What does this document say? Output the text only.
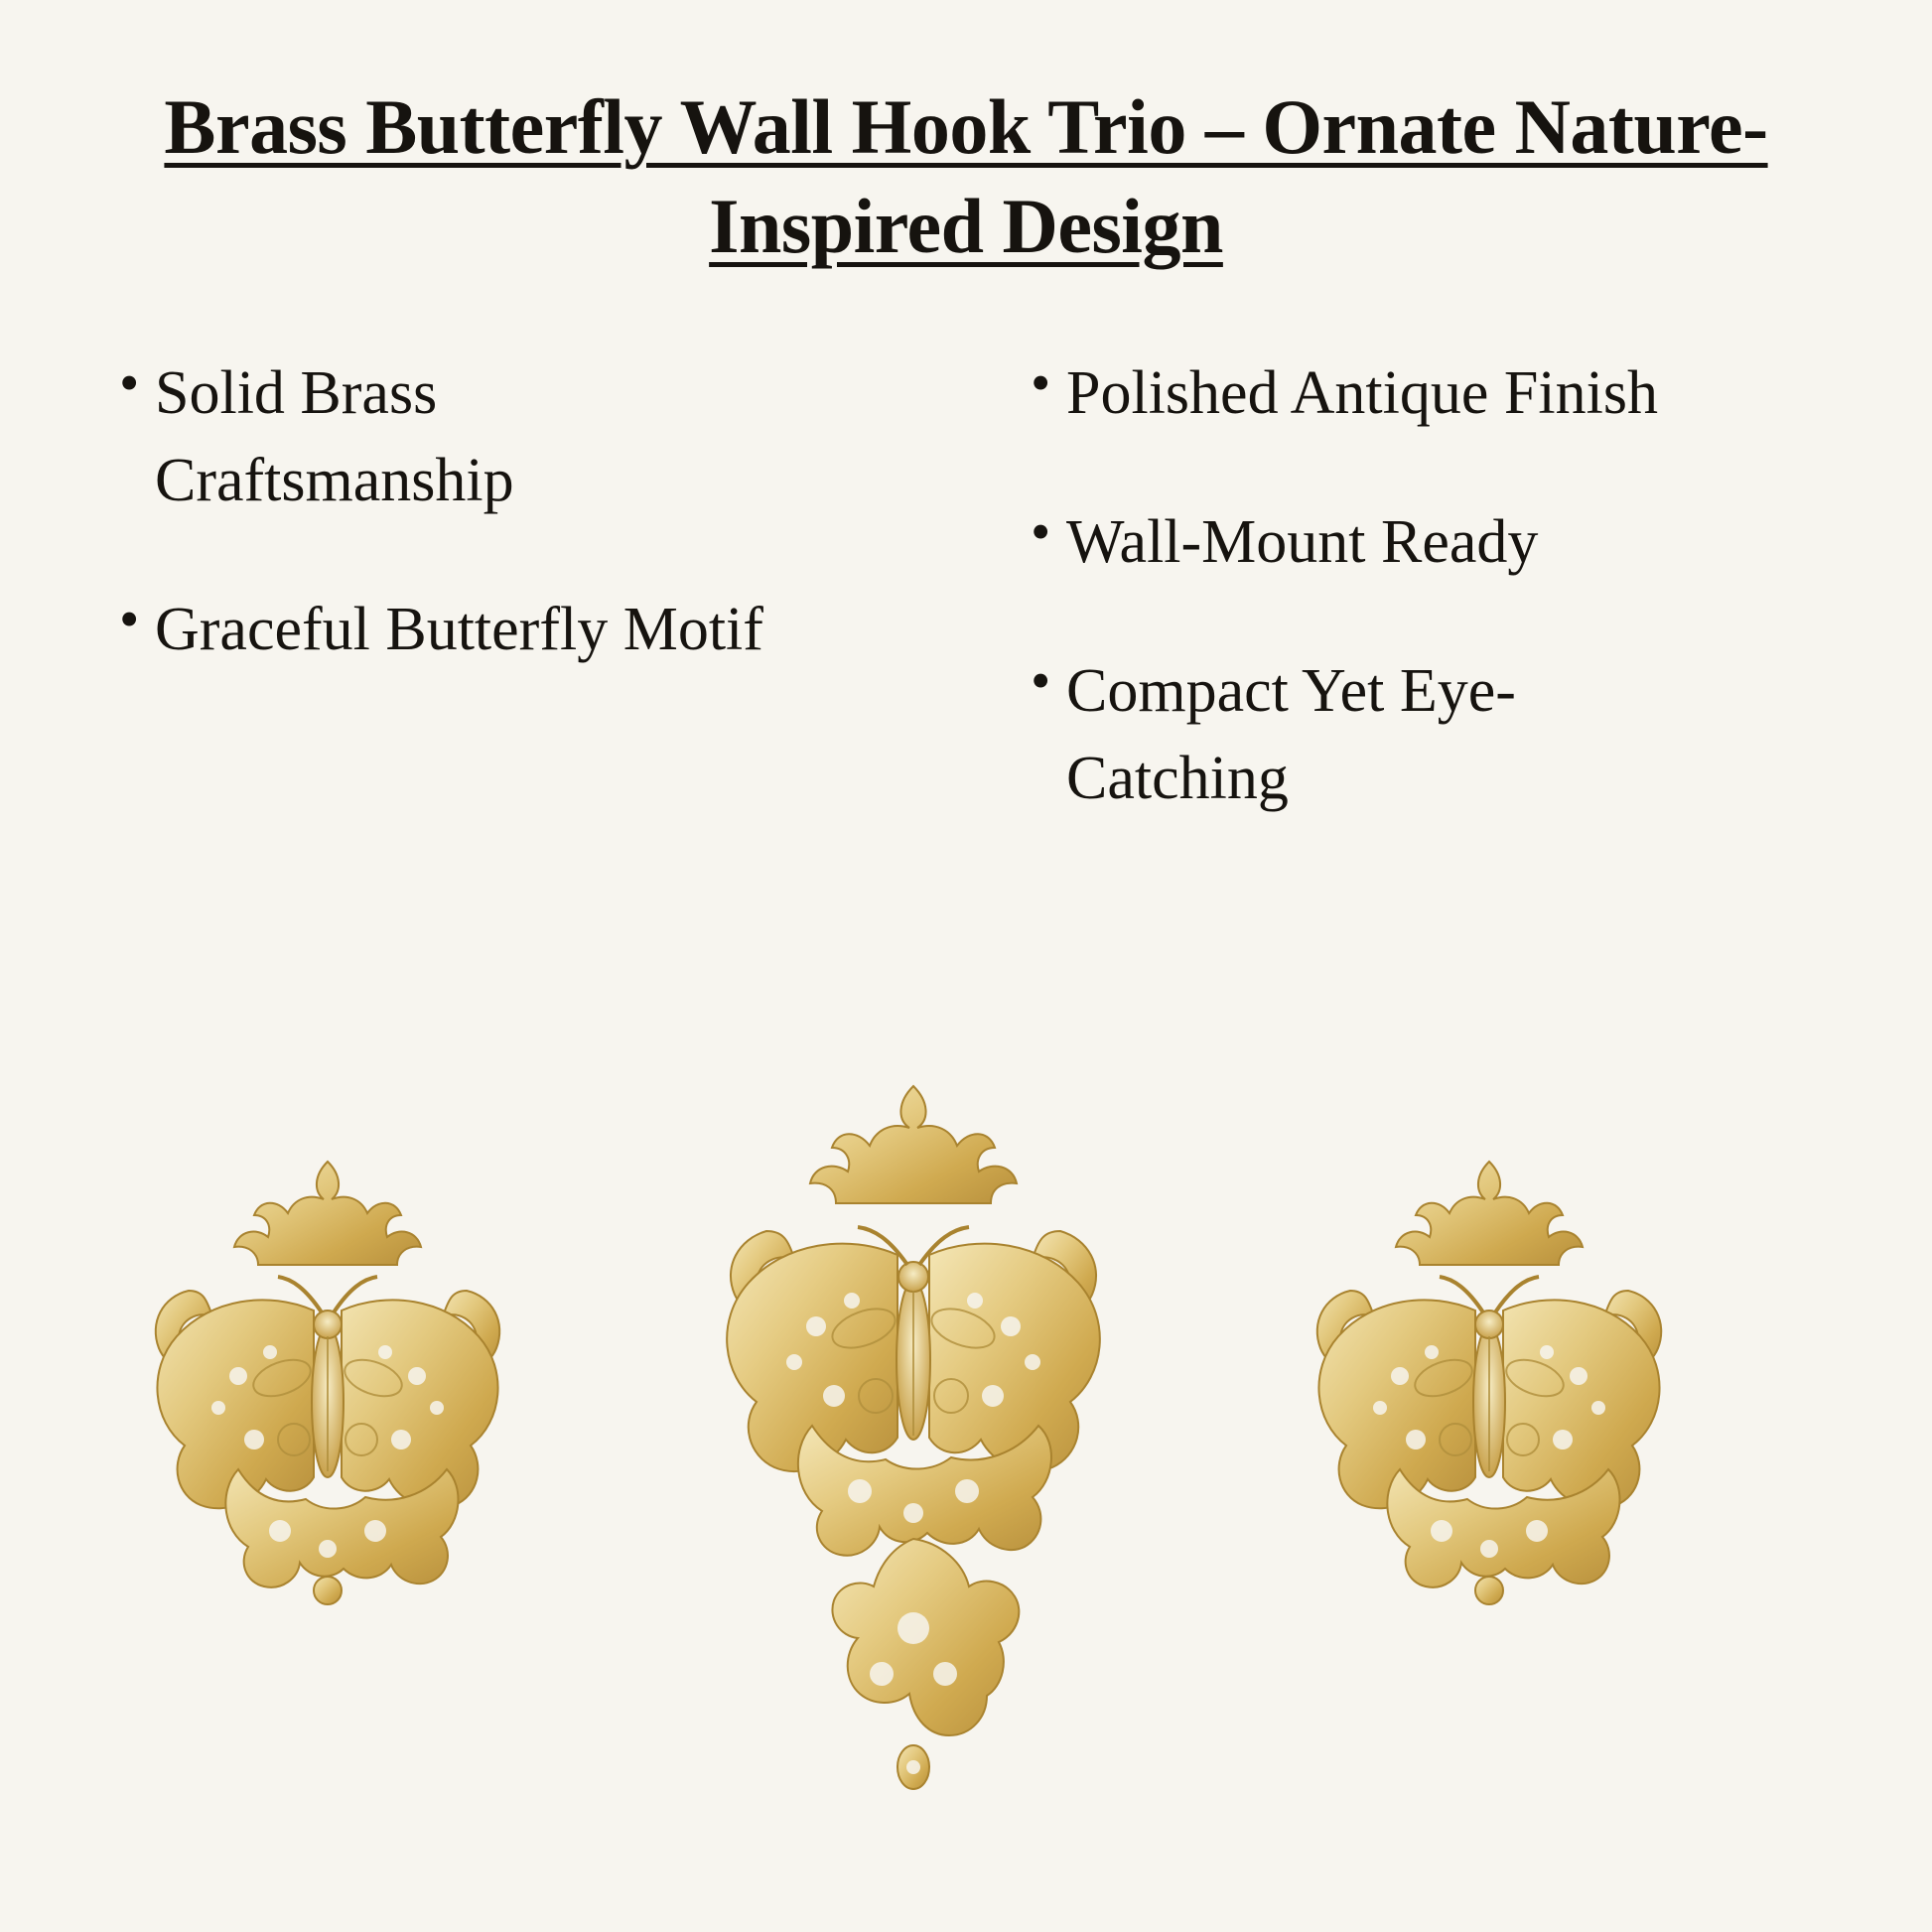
Brass Butterfly Wall Hook Trio – Ornate Nature-Inspired Design
• Solid Brass Craftsmanship
• Graceful Butterfly Motif
• Polished Antique Finish
• Wall-Mount Ready
• Compact Yet Eye-Catching
